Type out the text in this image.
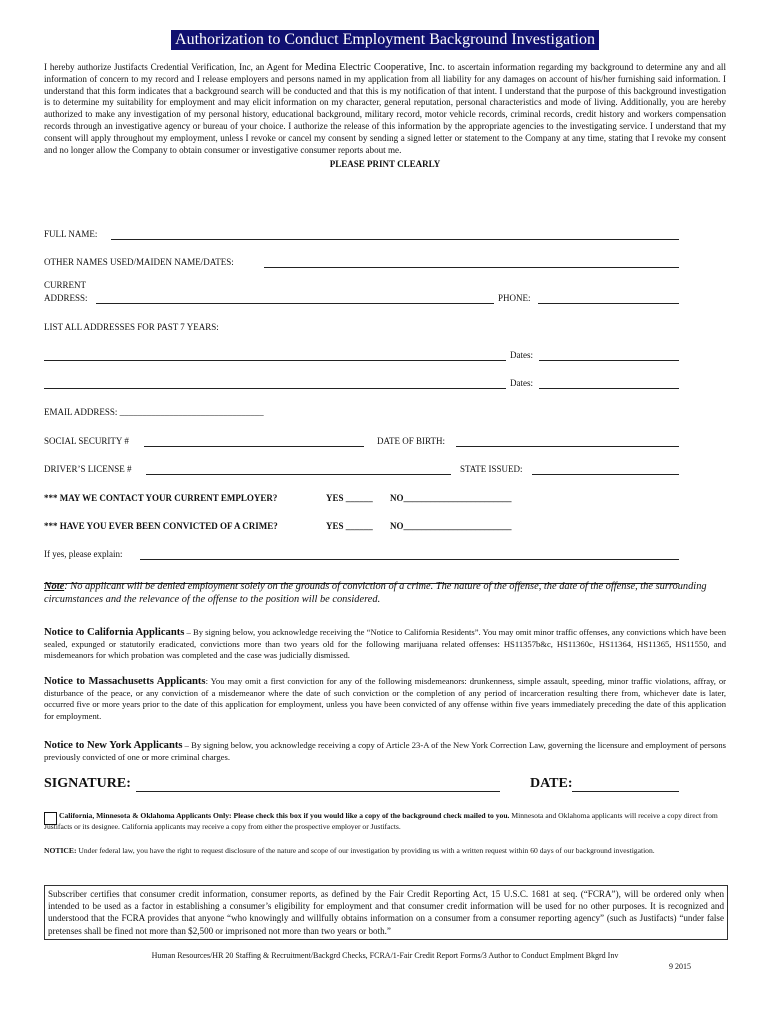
Authorization to Conduct Employment Background Investigation
I hereby authorize Justifacts Credential Verification, Inc, an Agent for Medina Electric Cooperative, Inc. to ascertain information regarding my background to determine any and all information of concern to my record and I release employers and persons named in my application from all liability for any damages on account of his/her furnishing said information. I understand that this form indicates that a background search will be conducted and that this is my notification of that intent. I understand that the purpose of this background investigation is to determine my suitability for employment and may elicit information on my character, general reputation, personal characteristics and mode of living. Additionally, you are hereby authorized to make any investigation of my personal history, educational background, military record, motor vehicle records, criminal records, credit history and workers compensation records through an investigative agency or bureau of your choice. I authorize the release of this information by the appropriate agencies to the investigating service. I understand that my consent will apply throughout my employment, unless I revoke or cancel my consent by sending a signed letter or statement to the Company at any time, stating that I revoke my consent and no longer allow the Company to obtain consumer or investigative consumer reports about me.
PLEASE PRINT CLEARLY
FULL NAME:
OTHER NAMES USED/MAIDEN NAME/DATES:
CURRENT
ADDRESS:	PHONE:
LIST ALL ADDRESSES FOR PAST 7 YEARS:
Dates:
Dates:
EMAIL ADDRESS: ________________________________
SOCIAL SECURITY #	DATE OF BIRTH:
DRIVER’S LICENSE #	STATE ISSUED:
*** MAY WE CONTACT YOUR CURRENT EMPLOYER?	YES ______ NO________________________
*** HAVE YOU EVER BEEN CONVICTED OF A CRIME?	YES ______ NO________________________
If yes, please explain:
Note: No applicant will be denied employment solely on the grounds of conviction of a crime. The nature of the offense, the date of the offense, the surrounding circumstances and the relevance of the offense to the position will be considered.
Notice to California Applicants – By signing below, you acknowledge receiving the “Notice to California Residents”. You may omit minor traffic offenses, any convictions which have been sealed, expunged or statutorily eradicated, convictions more than two years old for the following marijuana related offenses: HS11357b&c, HS11360c, HS11364, HS11365, HS11550, and misdemeanors for which probation was completed and the case was judicially dismissed.
Notice to Massachusetts Applicants: You may omit a first conviction for any of the following misdemeanors: drunkenness, simple assault, speeding, minor traffic violations, affray, or disturbance of the peace, or any conviction of a misdemeanor where the date of such conviction or the completion of any period of incarceration resulting there from, whichever date is later, occurred five or more years prior to the date of this application for employment, unless you have been convicted of any offense within five years immediately preceding the date of this application for employment.
Notice to New York Applicants – By signing below, you acknowledge receiving a copy of Article 23-A of the New York Correction Law, governing the licensure and employment of persons previously convicted of one or more criminal charges.
SIGNATURE:	DATE:
California, Minnesota & Oklahoma Applicants Only: Please check this box if you would like a copy of the background check mailed to you. Minnesota and Oklahoma applicants will receive a copy direct from Justifacts or its designee. California applicants may receive a copy from either the prospective employer or Justifacts.
NOTICE: Under federal law, you have the right to request disclosure of the nature and scope of our investigation by providing us with a written request within 60 days of our background investigation.
Subscriber certifies that consumer credit information, consumer reports, as defined by the Fair Credit Reporting Act, 15 U.S.C. 1681 at seq. (“FCRA”), will be ordered only when intended to be used as a factor in establishing a consumer’s eligibility for employment and that consumer credit information will be used for no other purposes. It is recognized and understood that the FCRA provides that anyone “who knowingly and willfully obtains information on a consumer from a consumer reporting agency” (such as Justifacts) “under false pretenses shall be fined not more than $2,500 or imprisoned not more than two years or both.”
Human Resources/HR 20 Staffing & Recruitment/Backgrd Checks, FCRA/1-Fair Credit Report Forms/3 Author to Conduct Emplment Bkgrd Inv
9 2015
